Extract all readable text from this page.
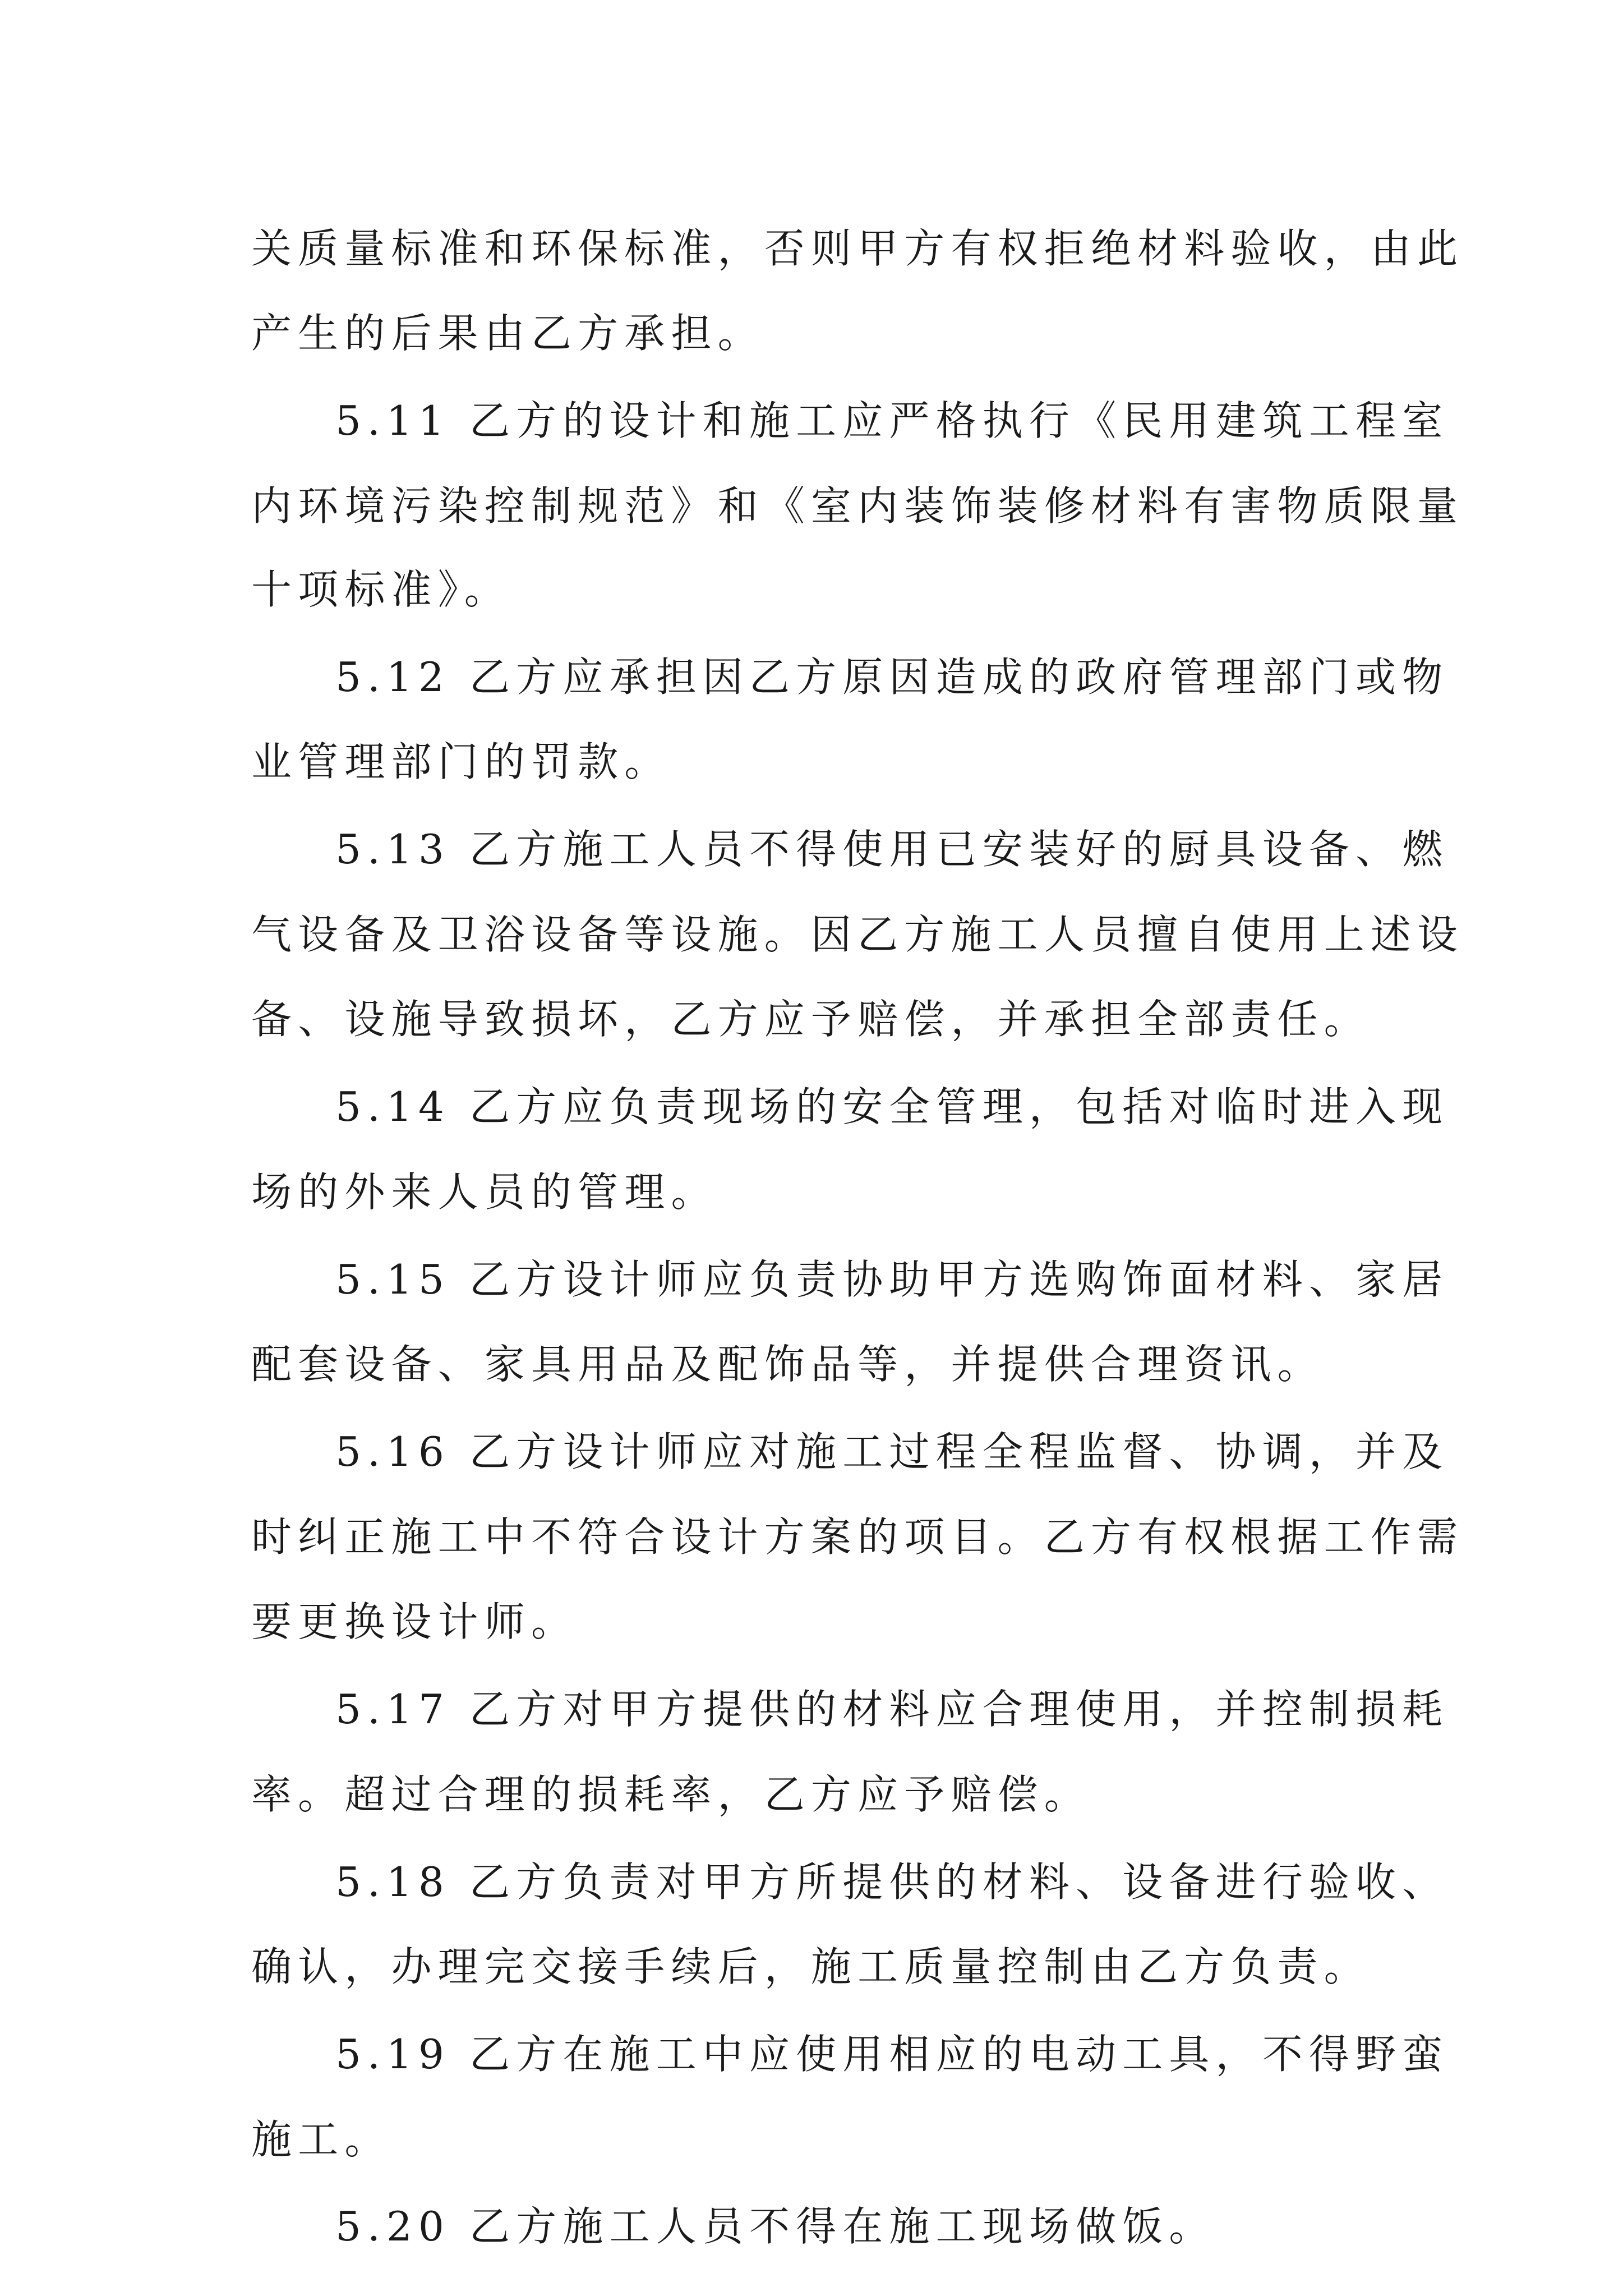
关质量标准和环保标准，否则甲方有权拒绝材料验收，由此
产生的后果由乙方承担。
5.11 乙方的设计和施工应严格执行《民用建筑工程室
内环境污染控制规范》和《室内装饰装修材料有害物质限量
十项标准》。
5.12 乙方应承担因乙方原因造成的政府管理部门或物
业管理部门的罚款。
5.13 乙方施工人员不得使用已安装好的厨具设备、燃
气设备及卫浴设备等设施。因乙方施工人员擅自使用上述设
备、设施导致损坏，乙方应予赔偿，并承担全部责任。
5.14 乙方应负责现场的安全管理，包括对临时进入现
场的外来人员的管理。
5.15 乙方设计师应负责协助甲方选购饰面材料、家居
配套设备、家具用品及配饰品等，并提供合理资讯。
5.16 乙方设计师应对施工过程全程监督、协调，并及
时纠正施工中不符合设计方案的项目。乙方有权根据工作需
要更换设计师。
5.17 乙方对甲方提供的材料应合理使用，并控制损耗
率。超过合理的损耗率，乙方应予赔偿。
5.18 乙方负责对甲方所提供的材料、设备进行验收、
确认，办理完交接手续后，施工质量控制由乙方负责。
5.19 乙方在施工中应使用相应的电动工具，不得野蛮
施工。
5.20 乙方施工人员不得在施工现场做饭。
